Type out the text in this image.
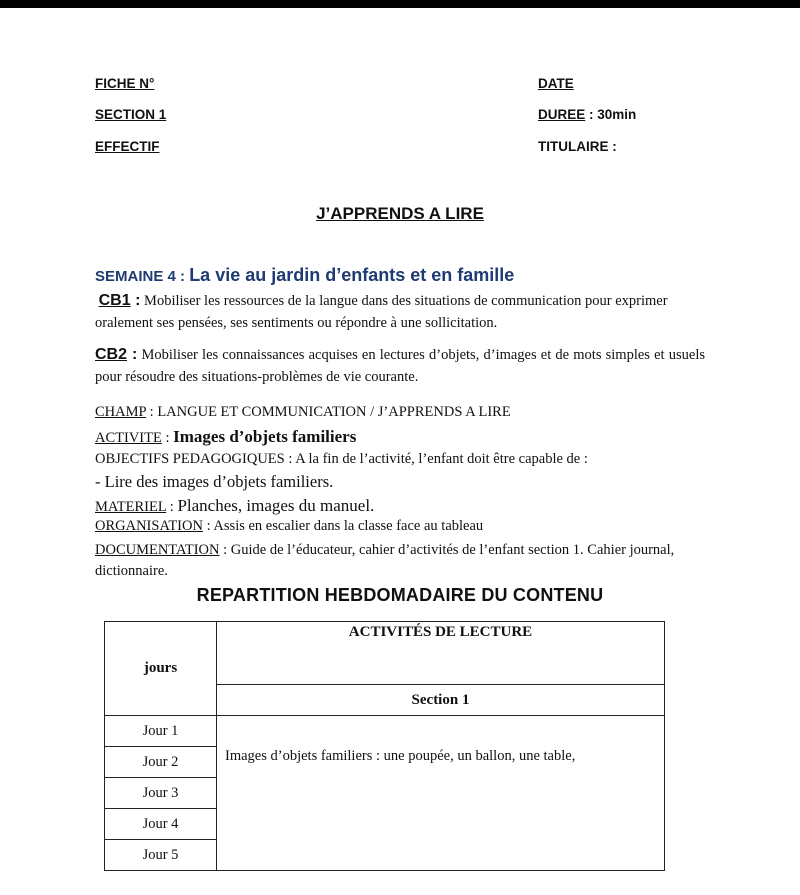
FICHE N°	DATE
SECTION 1	DUREE : 30min
EFFECTIF	TITULAIRE :
J’APPRENDS A LIRE
SEMAINE 4 : La vie au jardin d’enfants et en famille
CB1 : Mobiliser les ressources de la langue dans des situations de communication pour exprimer oralement ses pensées, ses sentiments ou répondre à une sollicitation.
CB2 : Mobiliser les connaissances acquises en lectures d’objets, d’images et de mots simples et usuels pour résoudre des situations-problèmes de vie courante.
CHAMP : LANGUE ET COMMUNICATION / J’APPRENDS A LIRE
ACTIVITE : Images d’objets familiers
OBJECTIFS PEDAGOGIQUES : A la fin de l’activité, l’enfant doit être capable de :
- Lire des images d’objets familiers.
MATERIEL : Planches, images du manuel.
ORGANISATION : Assis en escalier dans la classe face au tableau
DOCUMENTATION : Guide de l’éducateur, cahier d’activités de l’enfant section 1. Cahier journal, dictionnaire.
REPARTITION HEBDOMADAIRE DU CONTENU
jours	ACTIVITÉS DE LECTURE
	Section 1
Jour 1	Images d’objets familiers : une poupée, un ballon, une table,
Jour 2	
Jour 3	
Jour 4	
Jour 5	
